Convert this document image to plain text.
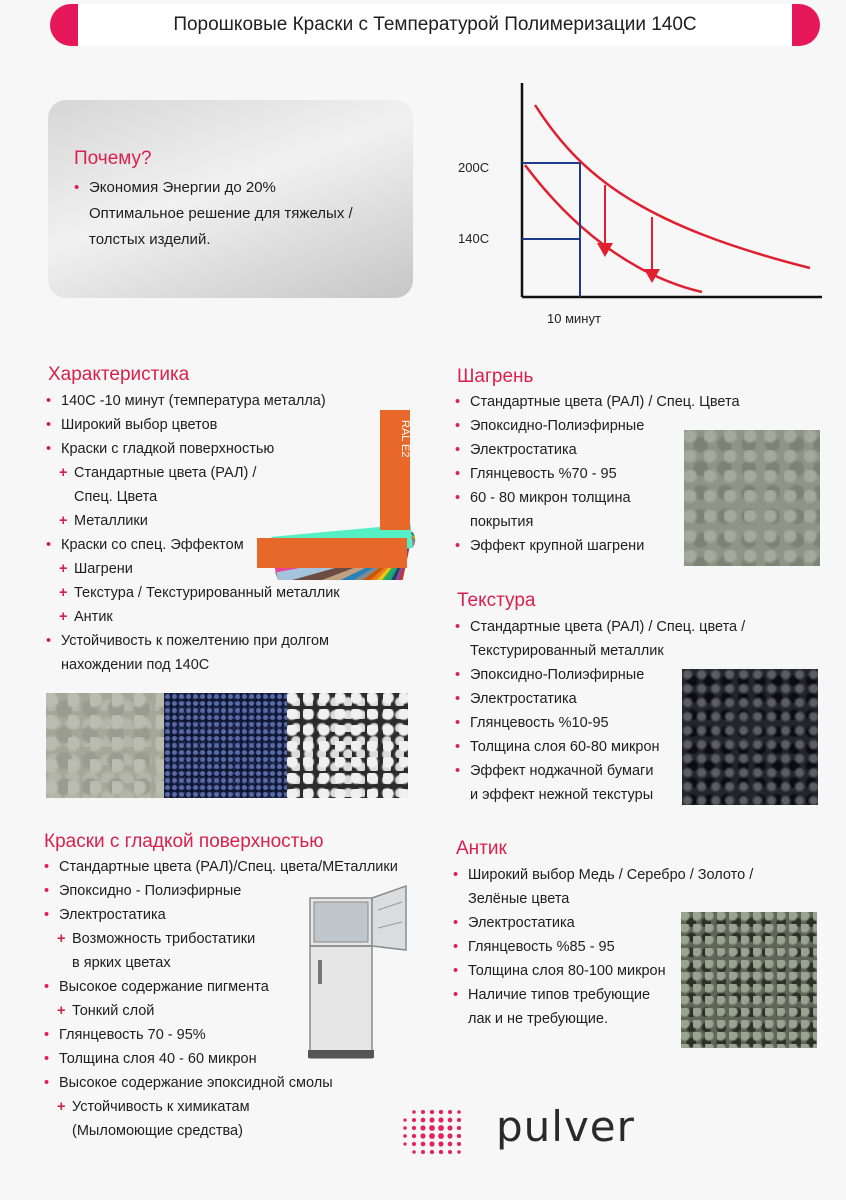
Порошковые Краски с Температурой Полимеризации 140С
Почему?
• Экономия Энергии до 20%
Оптимальное решение для тяжелых /
толстых изделий.
200С
140С
10 минут
Характеристика
• 140С -10 минут (температура металла)
• Широкий выбор цветов
• Краски с гладкой поверхностью
+ Стандартные цвета (РАЛ) /
Спец. Цвета
+ Металлики
• Краски со спец. Эффектом
+ Шагрени
+ Текстура / Текстурированный металлик
+ Антик
• Устойчивость к пожелтению при долгом
нахождении под 140С
RAL E2
Краски с гладкой поверхностью
• Стандартные цвета (РАЛ)/Спец. цвета/МЕталлики
• Эпоксидно - Полиэфирные
• Электростатика
+ Возможность трибостатики
в ярких цветах
• Высокое содержание пигмента
+ Тонкий слой
• Глянцевость 70 - 95%
• Толщина слоя 40 - 60 микрон
• Высокое содержание эпоксидной смолы
+ Устойчивость к химикатам
(Мыломоющие средства)
Шагрень
• Стандартные цвета (РАЛ) / Спец. Цвета
• Эпоксидно-Полиэфирные
• Электростатика
• Глянцевость %70 - 95
• 60 - 80 микрон толщина
покрытия
• Эффект крупной шагрени
Текстура
• Стандартные цвета (РАЛ) / Спец. цвета /
Текстурированный металлик
• Эпоксидно-Полиэфирные
• Электростатика
• Глянцевость %10-95
• Толщина слоя 60-80 микрон
• Эффект ноджачной бумаги
и эффект нежной текстуры
Антик
• Широкий выбор Медь / Серебро / Золото /
Зелёные цвета
• Электростатика
• Глянцевость %85 - 95
• Толщина слоя 80-100 микрон
• Наличие типов требующие
лак и не требующие.
pulver
